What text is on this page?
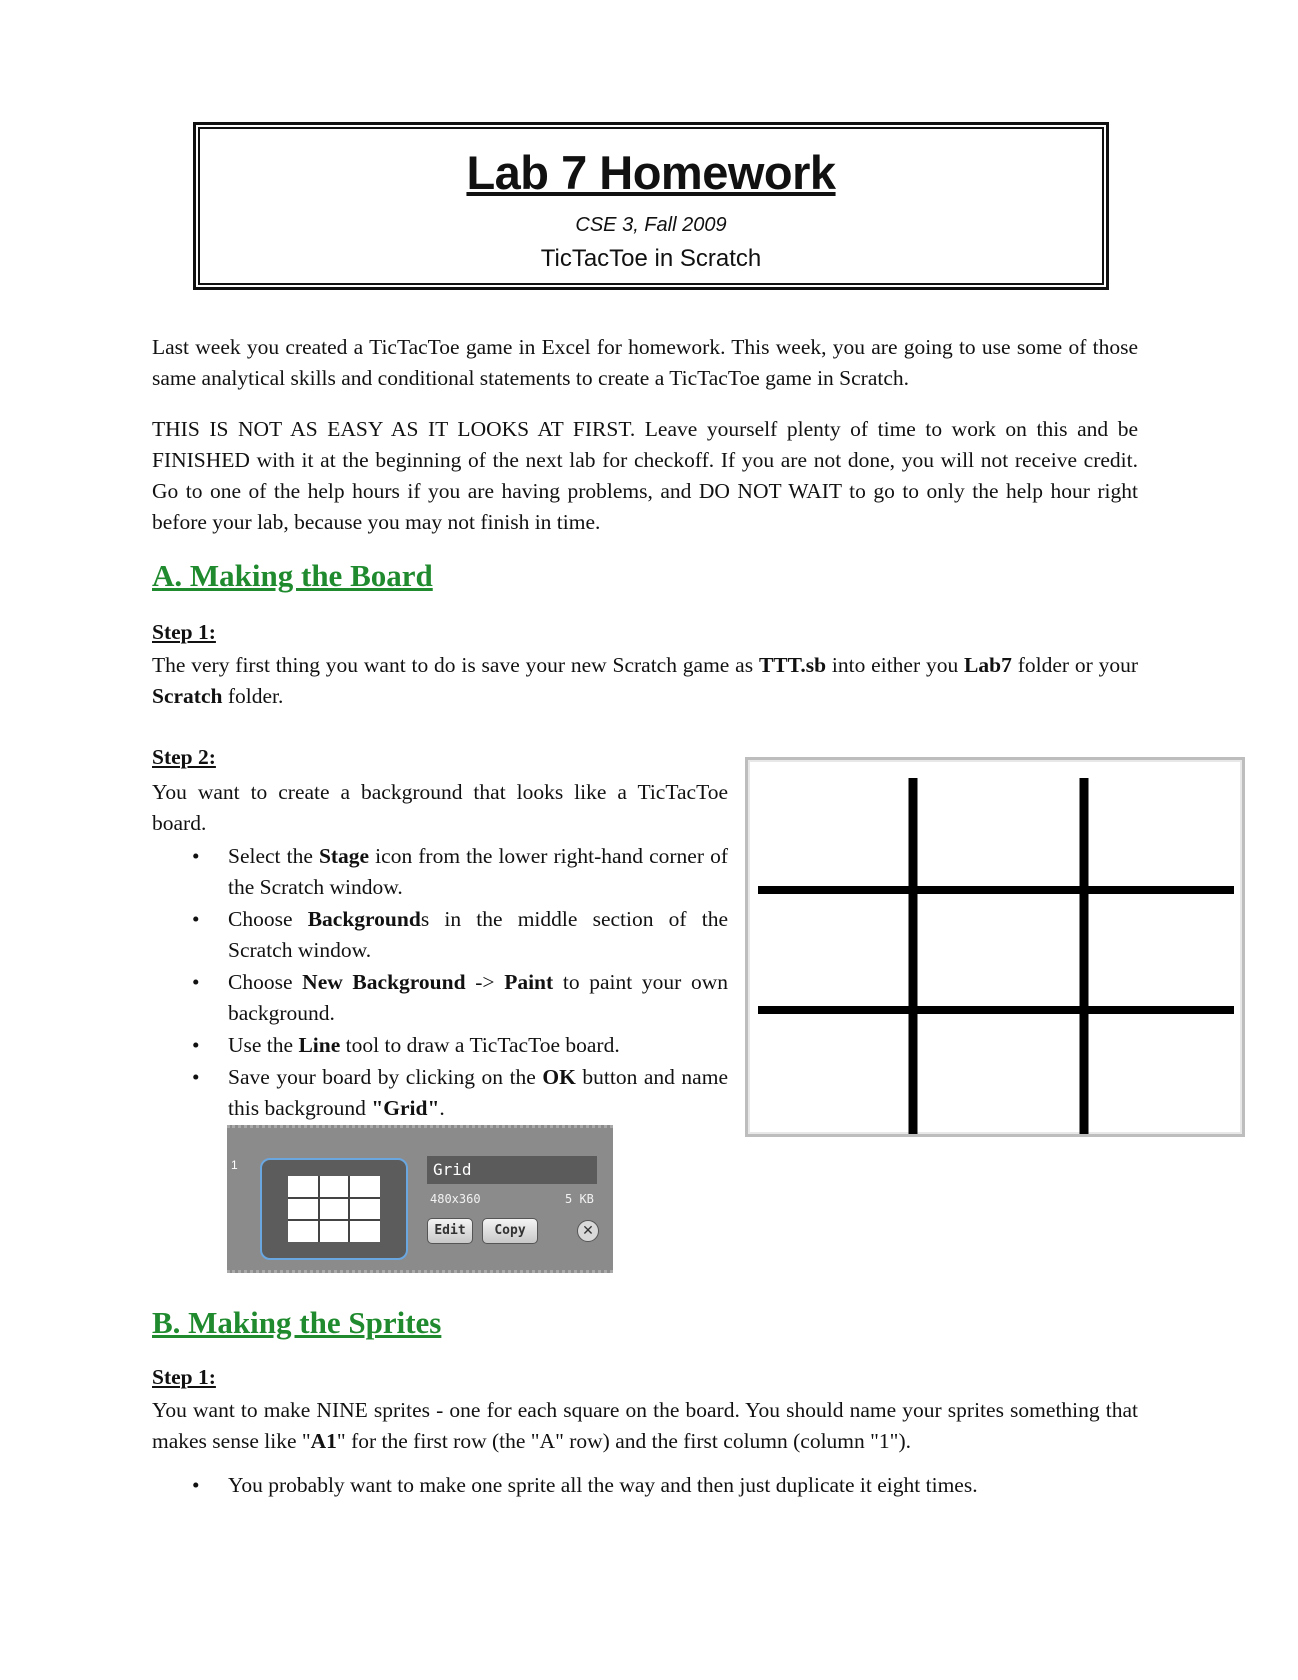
Lab 7 Homework
CSE 3, Fall 2009
TicTacToe in Scratch

Last week you created a TicTacToe game in Excel for homework. This week, you are going to use some of those same analytical skills and conditional statements to create a TicTacToe game in Scratch.

THIS IS NOT AS EASY AS IT LOOKS AT FIRST. Leave yourself plenty of time to work on this and be FINISHED with it at the beginning of the next lab for checkoff. If you are not done, you will not receive credit. Go to one of the help hours if you are having problems, and DO NOT WAIT to go to only the help hour right before your lab, because you may not finish in time.

A. Making the Board

Step 1:

The very first thing you want to do is save your new Scratch game as TTT.sb into either you Lab7 folder or your Scratch folder.

Step 2:

You want to create a background that looks like a TicTacToe board.

• Select the Stage icon from the lower right-hand corner of the Scratch window.
• Choose Backgrounds in the middle section of the Scratch window.
• Choose New Background -> Paint to paint your own background.
• Use the Line tool to draw a TicTacToe board.
• Save your board by clicking on the OK button and name this background "Grid".
1	Grid
480x360	5 KB
Edit	Copy	✕
B. Making the Sprites

Step 1:

You want to make NINE sprites - one for each square on the board. You should name your sprites something that makes sense like "A1" for the first row (the "A" row) and the first column (column "1").

• You probably want to make one sprite all the way and then just duplicate it eight times.
